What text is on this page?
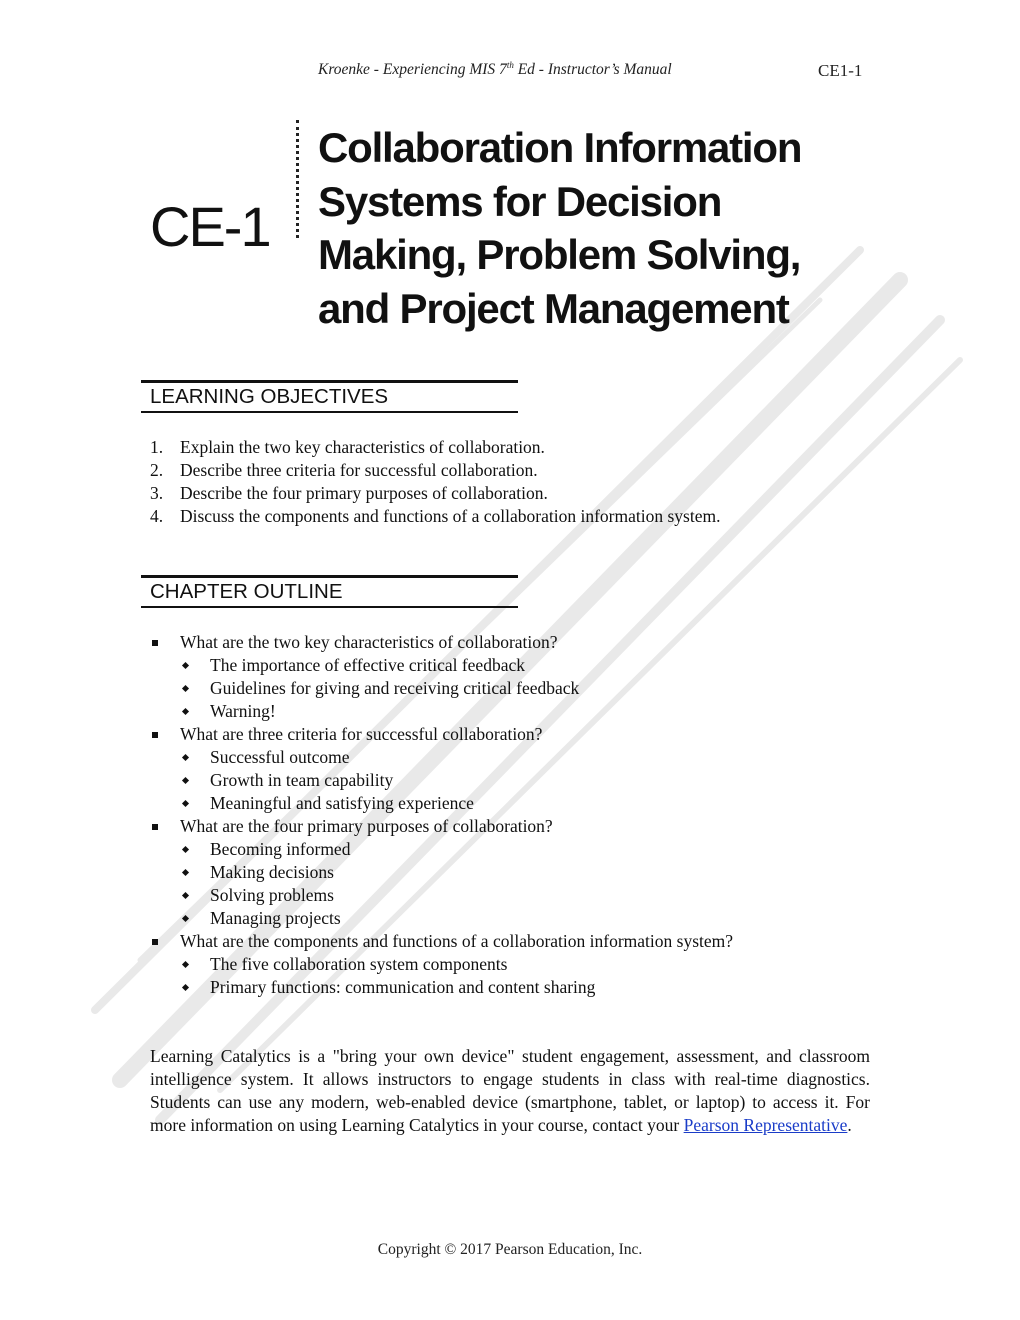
Kroenke - Experiencing MIS 7th Ed - Instructor’s Manual	CE1-1
CE-1
Collaboration Information Systems for Decision Making, Problem Solving, and Project Management
LEARNING OBJECTIVES
1. Explain the two key characteristics of collaboration.
2. Describe three criteria for successful collaboration.
3. Describe the four primary purposes of collaboration.
4. Discuss the components and functions of a collaboration information system.
CHAPTER OUTLINE
What are the two key characteristics of collaboration?
The importance of effective critical feedback
Guidelines for giving and receiving critical feedback
Warning!
What are three criteria for successful collaboration?
Successful outcome
Growth in team capability
Meaningful and satisfying experience
What are the four primary purposes of collaboration?
Becoming informed
Making decisions
Solving problems
Managing projects
What are the components and functions of a collaboration information system?
The five collaboration system components
Primary functions: communication and content sharing

Learning Catalytics is a "bring your own device" student engagement, assessment, and classroom intelligence system. It allows instructors to engage students in class with real-time diagnostics. Students can use any modern, web-enabled device (smartphone, tablet, or laptop) to access it. For more information on using Learning Catalytics in your course, contact your Pearson Representative.

Copyright © 2017 Pearson Education, Inc.
